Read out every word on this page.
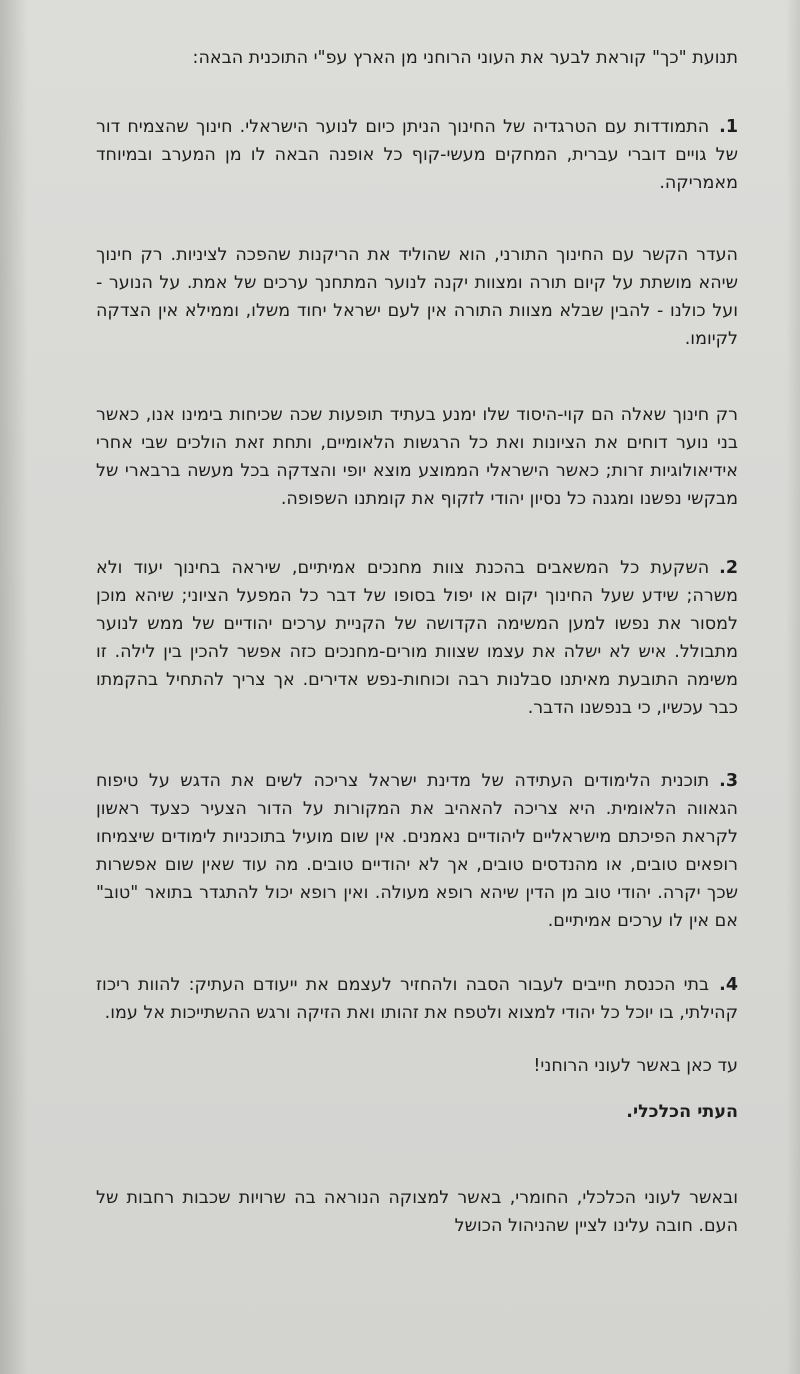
תנועת "כך" קוראת לבער את העוני הרוחני מן הארץ עפ"י התוכנית הבאה:

1.התמודדות עם הטרגדיה של החינוך הניתן כיום לנוער הישראלי. חינוך שהצמיח דור של גויים דוברי עברית, המחקים מעשי-קוף כל אופנה הבאה לו מן המערב ובמיוחד מאמריקה.

העדר הקשר עם החינוך התורני, הוא שהוליד את הריקנות שהפכה לציניות. רק חינוך שיהא מושתת על קיום תורה ומצוות יקנה לנוער המתחנך ערכים של אמת. על הנוער - ועל כולנו - להבין שבלא מצוות התורה אין לעם ישראל יחוד משלו, וממילא אין הצדקה לקיומו.

רק חינוך שאלה הם קוי-היסוד שלו ימנע בעתיד תופעות שכה שכיחות בימינו אנו, כאשר בני נוער דוחים את הציונות ואת כל הרגשות הלאומיים, ותחת זאת הולכים שבי אחרי אידיאולוגיות זרות; כאשר הישראלי הממוצע מוצא יופי והצדקה בכל מעשה ברבארי של מבקשי נפשנו ומגנה כל נסיון יהודי לזקוף את קומתנו השפופה.

2.השקעת כל המשאבים בהכנת צוות מחנכים אמיתיים, שיראה בחינוך יעוד ולא משרה; שידע שעל החינוך יקום או יפול בסופו של דבר כל המפעל הציוני; שיהא מוכן למסור את נפשו למען המשימה הקדושה של הקניית ערכים יהודיים של ממש לנוער מתבולל. איש לא ישלה את עצמו שצוות מורים-מחנכים כזה אפשר להכין בין לילה. זו משימה התובעת מאיתנו סבלנות רבה וכוחות-נפש אדירים. אך צריך להתחיל בהקמתו כבר עכשיו, כי בנפשנו הדבר.

3.תוכנית הלימודים העתידה של מדינת ישראל צריכה לשים את הדגש על טיפוח הגאווה הלאומית. היא צריכה להאהיב את המקורות על הדור הצעיר כצעד ראשון לקראת הפיכתם מישראליים ליהודיים נאמנים. אין שום מועיל בתוכניות לימודים שיצמיחו רופאים טובים, או מהנדסים טובים, אך לא יהודיים טובים. מה עוד שאין שום אפשרות שכך יקרה. יהודי טוב מן הדין שיהא רופא מעולה. ואין רופא יכול להתגדר בתואר "טוב" אם אין לו ערכים אמיתיים.

4.בתי הכנסת חייבים לעבור הסבה ולהחזיר לעצמם את ייעודם העתיק: להוות ריכוז קהילתי, בו יוכל כל יהודי למצוא ולטפח את זהותו ואת הזיקה ורגש ההשתייכות אל עמו.

עד כאן באשר לעוני הרוחני!

העתי הכלכלי.

ובאשר לעוני הכלכלי, החומרי, באשר למצוקה הנוראה בה שרויות שכבות רחבות של העם. חובה עלינו לציין שהניהול הכושל
